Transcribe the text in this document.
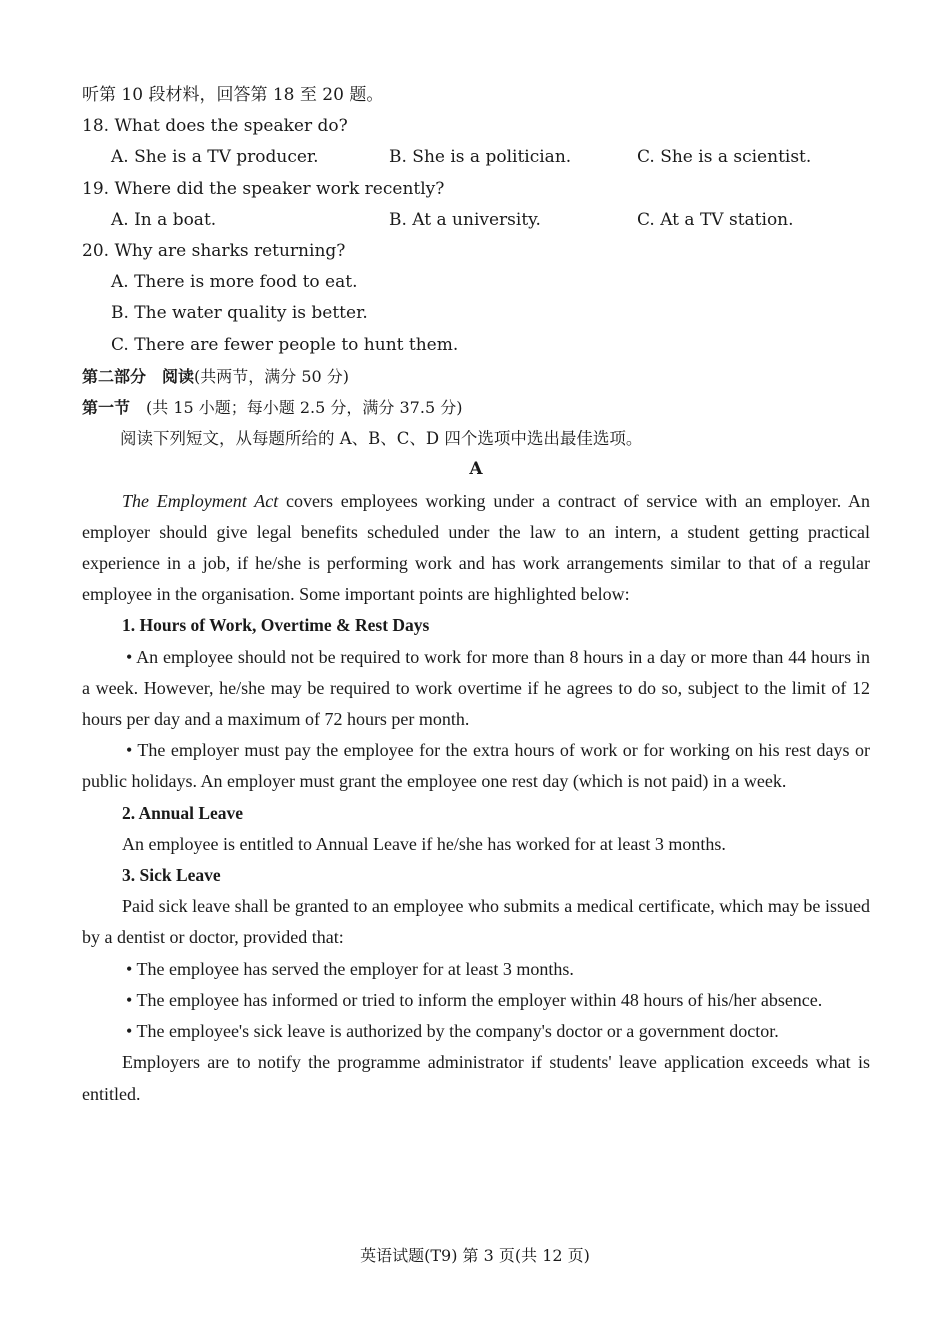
听第 10 段材料，回答第 18 至 20 题。
18. What does the speaker do?
A. She is a TV producer.	B. She is a politician.	C. She is a scientist.
19. Where did the speaker work recently?
A. In a boat.	B. At a university.	C. At a TV station.
20. Why are sharks returning?
A. There is more food to eat.
B. The water quality is better.
C. There are fewer people to hunt them.
第二部分　阅读(共两节，满分 50 分)
第一节　(共 15 小题；每小题 2.5 分，满分 37.5 分)
阅读下列短文，从每题所给的 A、B、C、D 四个选项中选出最佳选项。
A
The Employment Act covers employees working under a contract of service with an employer. An employer should give legal benefits scheduled under the law to an intern, a student getting practical experience in a job, if he/she is performing work and has work arrangements similar to that of a regular employee in the organisation. Some important points are highlighted below:
1. Hours of Work, Overtime & Rest Days
• An employee should not be required to work for more than 8 hours in a day or more than 44 hours in a week. However, he/she may be required to work overtime if he agrees to do so, subject to the limit of 12 hours per day and a maximum of 72 hours per month.
• The employer must pay the employee for the extra hours of work or for working on his rest days or public holidays. An employer must grant the employee one rest day (which is not paid) in a week.
2. Annual Leave
An employee is entitled to Annual Leave if he/she has worked for at least 3 months.
3. Sick Leave
Paid sick leave shall be granted to an employee who submits a medical certificate, which may be issued by a dentist or doctor, provided that:
• The employee has served the employer for at least 3 months.
• The employee has informed or tried to inform the employer within 48 hours of his/her absence.
• The employee's sick leave is authorized by the company's doctor or a government doctor.
Employers are to notify the programme administrator if students' leave application exceeds what is entitled.
英语试题(T9) 第 3 页(共 12 页)
